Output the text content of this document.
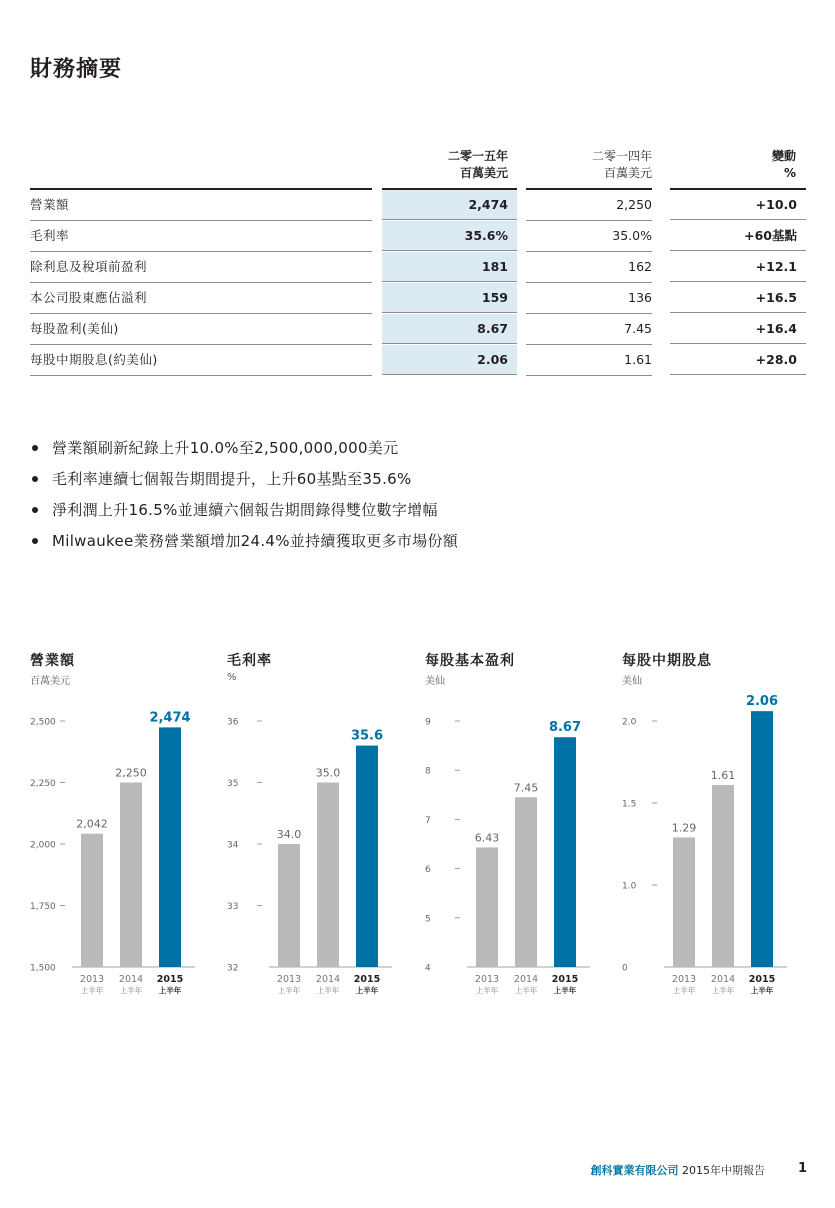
財務摘要
二零一五年
百萬美元
二零一四年
百萬美元
變動
%
營業額	2,474	2,250	+10.0
毛利率	35.6%	35.0%	+60基點
除利息及稅項前盈利	181	162	+12.1
本公司股東應佔溢利	159	136	+16.5
每股盈利(美仙)	8.67	7.45	+16.4
每股中期股息(約美仙)	2.06	1.61	+28.0
營業額刷新紀錄上升10.0%至2,500,000,000美元
毛利率連續七個報告期間提升，上升60基點至35.6%
淨利潤上升16.5%並連續六個報告期間錄得雙位數字增幅
Milwaukee業務營業額增加24.4%並持續獲取更多市場份額
營業額
百萬美元
1,500
1,750
2,000
2,250
2,500
2,042
2013
上半年
2,250
2014
上半年
2,474
2015
上半年
毛利率
%
32
33
34
35
36
34.0
2013
上半年
35.0
2014
上半年
35.6
2015
上半年
每股基本盈利
美仙
4
5
6
7
8
9
6.43
2013
上半年
7.45
2014
上半年
8.67
2015
上半年
每股中期股息
美仙
0
1.0
1.5
2.0
1.29
2013
上半年
1.61
2014
上半年
2.06
2015
上半年
創科實業有限公司 2015年中期報告	1
